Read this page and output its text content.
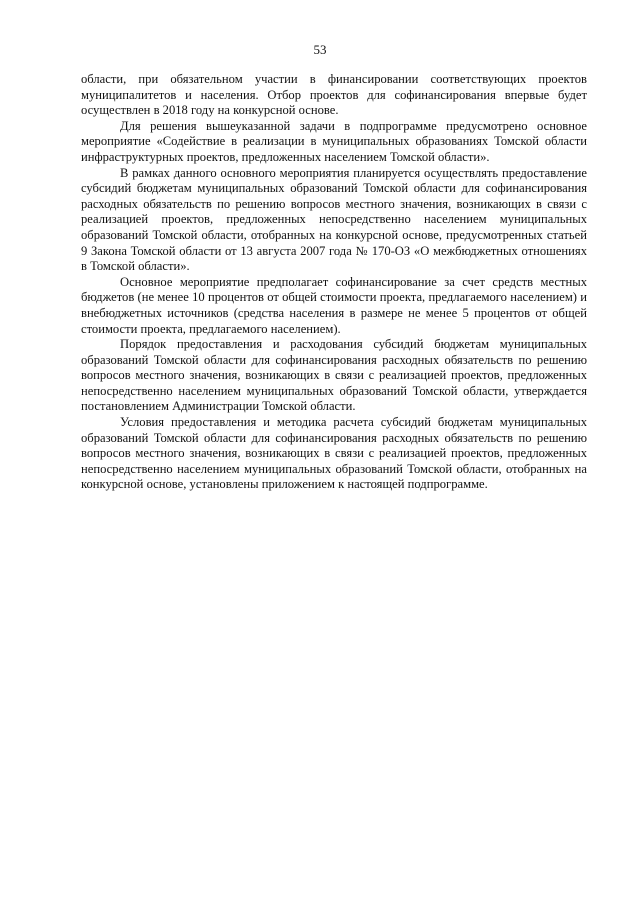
53

области, при обязательном участии в финансировании соответствующих проектов муниципалитетов и населения. Отбор проектов для софинансирования впервые будет осуществлен в 2018 году на конкурсной основе.

Для решения вышеуказанной задачи в подпрограмме предусмотрено основное мероприятие «Содействие в реализации в муниципальных образованиях Томской области инфраструктурных проектов, предложенных населением Томской области».

В рамках данного основного мероприятия планируется осуществлять предоставление субсидий бюджетам муниципальных образований Томской области для софинансирования расходных обязательств по решению вопросов местного значения, возникающих в связи с реализацией проектов, предложенных непосредственно населением муниципальных образований Томской области, отобранных на конкурсной основе, предусмотренных статьей 9 Закона Томской области от 13 августа 2007 года № 170-ОЗ «О межбюджетных отношениях в Томской области».

Основное мероприятие предполагает софинансирование за счет средств местных бюджетов (не менее 10 процентов от общей стоимости проекта, предлагаемого населением) и внебюджетных источников (средства населения в размере не менее 5 процентов от общей стоимости проекта, предлагаемого населением).

Порядок предоставления и расходования субсидий бюджетам муниципальных образований Томской области для софинансирования расходных обязательств по решению вопросов местного значения, возникающих в связи с реализацией проектов, предложенных непосредственно населением муниципальных образований Томской области, утверждается постановлением Администрации Томской области.

Условия предоставления и методика расчета субсидий бюджетам муниципальных образований Томской области для софинансирования расходных обязательств по решению вопросов местного значения, возникающих в связи с реализацией проектов, предложенных непосредственно населением муниципальных образований Томской области, отобранных на конкурсной основе, установлены приложением к настоящей подпрограмме.
